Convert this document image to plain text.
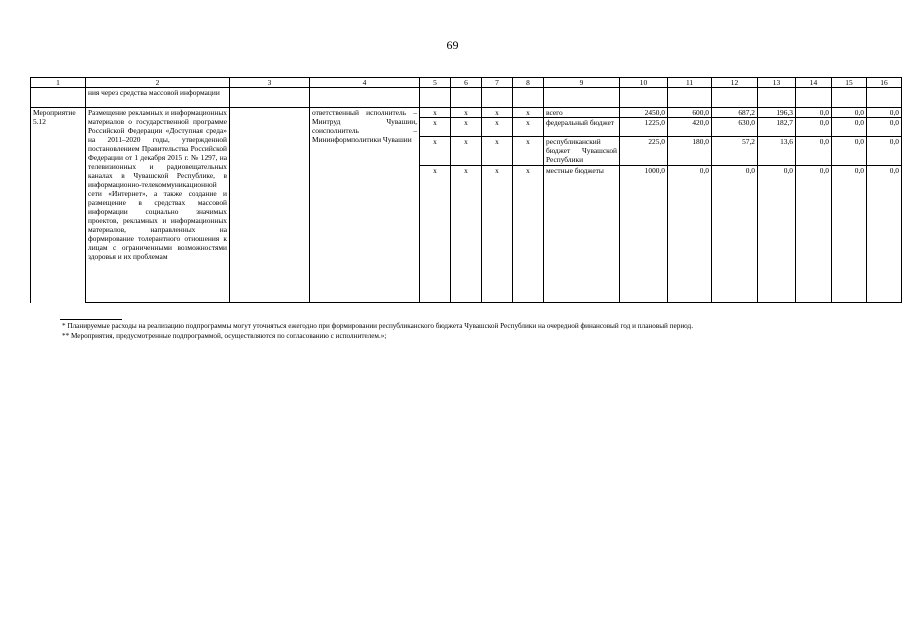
69
1	2	3	4	5	6	7	8	9	10	11	12	13	14	15	16
	ния через средства массовой информации														
Мероприятие 5.12	Размещение рекламных и информационных материалов о государственной программе Российской Федерации «Доступная среда» на 2011–2020 годы, утвержденной постановлением Правительства Российской Федерации от 1 декабря 2015 г. № 1297, на телевизионных и радиовещательных каналах в Чувашской Республике, в информационно-телекоммуникационной сети «Интернет», а также создание и размещение в средствах массовой информации социально значимых проектов, рекламных и информационных материалов, направленных на формирование толерантного отношения к лицам с ограниченными возможностями здоровья и их проблемам		ответственный исполнитель – Минтруд Чувашии, соисполнитель – Мининформполитики Чувашии	х	х	х	х	всего	2450,0	600,0	687,2	196,3	0,0	0,0	0,0
				х	х	х	х	федеральный бюджет	1225,0	420,0	630,0	182,7	0,0	0,0	0,0
				х	х	х	х	республиканский бюджет Чувашской Республики	225,0	180,0	57,2	13,6	0,0	0,0	0,0
				х	х	х	х	местные бюджеты	1000,0	0,0	0,0	0,0	0,0	0,0	0,0
* Планируемые расходы на реализацию подпрограммы могут уточняться ежегодно при формировании республиканского бюджета Чувашской Республики на очередной финансовый год и плановый период.
** Мероприятия, предусмотренные подпрограммой, осуществляются по согласованию с исполнителем.»;
